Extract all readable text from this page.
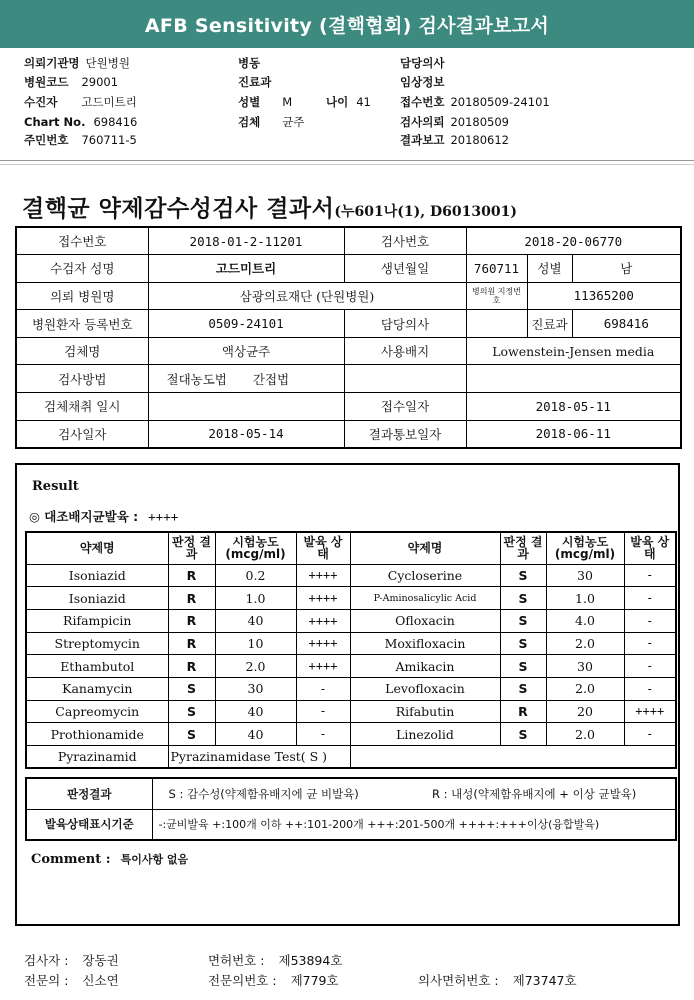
AFB Sensitivity (결핵협회) 검사결과보고서
의뢰기관명 단원병원
병원코드 29001
수진자 고드미트리
Chart No. 698416
주민번호 760711-5
병동
진료과
성별 M	나이 41
검체 균주
담당의사
임상정보
접수번호 20180509-24101
검사의뢰 20180509
결과보고 20180612
결핵균 약제감수성검사 결과서(누601나(1), D6013001)
접수번호	2018-01-2-11201	검사번호	2018-20-06770		
수검자 성명	고드미트리	생년월일	760711	성별	남
의뢰 병원명	삼광의료재단 (단원병원)		병의원 지정번호	11365200	
병원환자 등록번호	0509-24101	담당의사		진료과	698416
검체명	액상균주	사용배지	Lowenstein-Jensen media		
검사방법	절대농도법 간접법				
검체채취 일시		접수일자	2018-05-11		
검사일자	2018-05-14	결과통보일자	2018-06-11		
Result
◎ 대조배지균발육 : ++++
약제명	판정 결과	시험농도 (mcg/ml)	발육 상태	약제명	판정 결과	시험농도 (mcg/ml)	발육 상태
Isoniazid	R	0.2	++++	Cycloserine	S	30	-
Isoniazid	R	1.0	++++	P-Aminosalicylic Acid	S	1.0	-
Rifampicin	R	40	++++	Ofloxacin	S	4.0	-
Streptomycin	R	10	++++	Moxifloxacin	S	2.0	-
Ethambutol	R	2.0	++++	Amikacin	S	30	-
Kanamycin	S	30	-	Levofloxacin	S	2.0	-
Capreomycin	S	40	-	Rifabutin	R	20	++++
Prothionamide	S	40	-	Linezolid	S	2.0	-
Pyrazinamid	Pyrazinamidase Test( S )						
판정결과	S : 감수성(약제함유배지에 균 비발육)	R : 내성(약제함유배지에 + 이상 균발육)
발육상태표시기준	-:균비발육 +:100개 이하 ++:101-200개 +++:201-500개 ++++:+++이상(융합발육)	
Comment : 특이사항 없음
검사자 : 장동권	면허번호 : 제53894호
전문의 : 신소연	전문의번호 : 제779호	의사면허번호 : 제73747호
